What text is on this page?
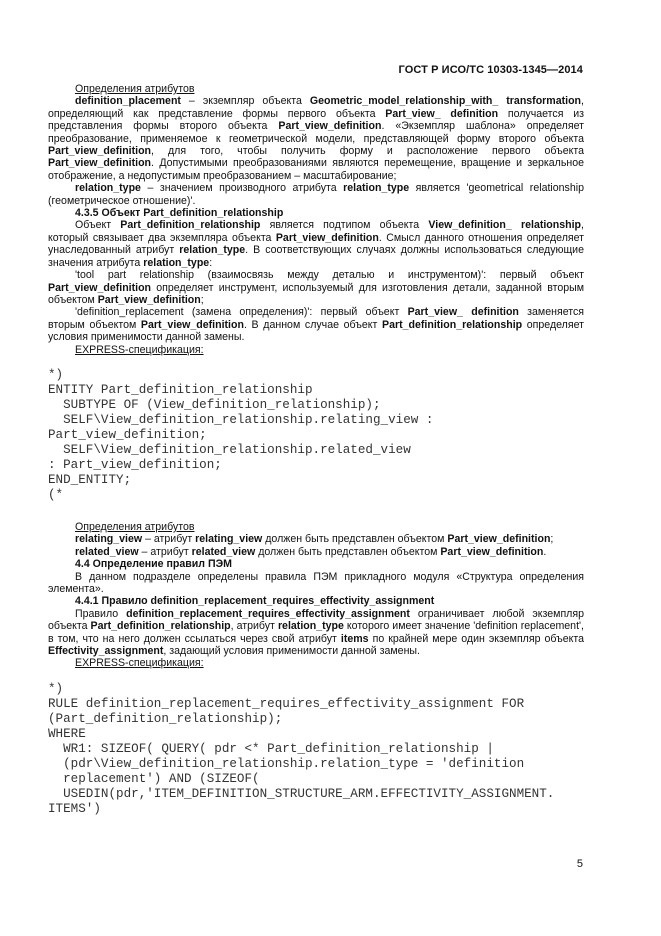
ГОСТ Р ИСО/ТС 10303-1345—2014

Определения атрибутов

definition_placement – экземпляр объекта Geometric_model_relationship_with_ transformation, определяющий как представление формы первого объекта Part_view_ definition получается из представления формы второго объекта Part_view_definition. «Экземпляр шаблона» определяет преобразование, применяемое к геометрической модели, представляющей форму второго объекта Part_view_definition, для того, чтобы получить форму и расположение первого объекта Part_view_definition. Допустимыми преобразованиями являются перемещение, вращение и зеркальное отображение, а недопустимым преобразованием – масштабирование;

relation_type – значением производного атрибута relation_type является 'geometrical relationship (геометрическое отношение)'.

4.3.5 Объект Part_definition_relationship

Объект Part_definition_relationship является подтипом объекта View_definition_ relationship, который связывает два экземпляра объекта Part_view_definition. Смысл данного отношения определяет унаследованный атрибут relation_type. В соответствующих случаях должны использоваться следующие значения атрибута relation_type:

'tool part relationship (взаимосвязь между деталью и инструментом)': первый объект Part_view_definition определяет инструмент, используемый для изготовления детали, заданной вторым объектом Part_view_definition;

'definition_replacement (замена определения)': первый объект Part_view_ definition заменяется вторым объектом Part_view_definition. В данном случае объект Part_definition_relationship определяет условия применимости данной замены.

EXPRESS-спецификация:

*)
ENTITY Part_definition_relationship
SUBTYPE OF (View_definition_relationship);
SELF\View_definition_relationship.relating_view :
Part_view_definition;
SELF\View_definition_relationship.related_view
: Part_view_definition;
END_ENTITY;
(*

Определения атрибутов

relating_view – атрибут relating_view должен быть представлен объектом Part_view_definition;

related_view – атрибут related_view должен быть представлен объектом Part_view_definition.

4.4 Определение правил ПЭМ

В данном подразделе определены правила ПЭМ прикладного модуля «Структура определения элемента».

4.4.1 Правило definition_replacement_requires_effectivity_assignment

Правило definition_replacement_requires_effectivity_assignment ограничивает любой экземпляр объекта Part_definition_relationship, атрибут relation_type которого имеет значение 'definition replacement', в том, что на него должен ссылаться через свой атрибут items по крайней мере один экземпляр объекта Effectivity_assignment, задающий условия применимости данной замены.

EXPRESS-спецификация:

*)
RULE definition_replacement_requires_effectivity_assignment FOR
(Part_definition_relationship);
WHERE
WR1: SIZEOF( QUERY( pdr <* Part_definition_relationship |
(pdr\View_definition_relationship.relation_type = 'definition
replacement') AND (SIZEOF(
USEDIN(pdr,'ITEM_DEFINITION_STRUCTURE_ARM.EFFECTIVITY_ASSIGNMENT.
ITEMS')
5
